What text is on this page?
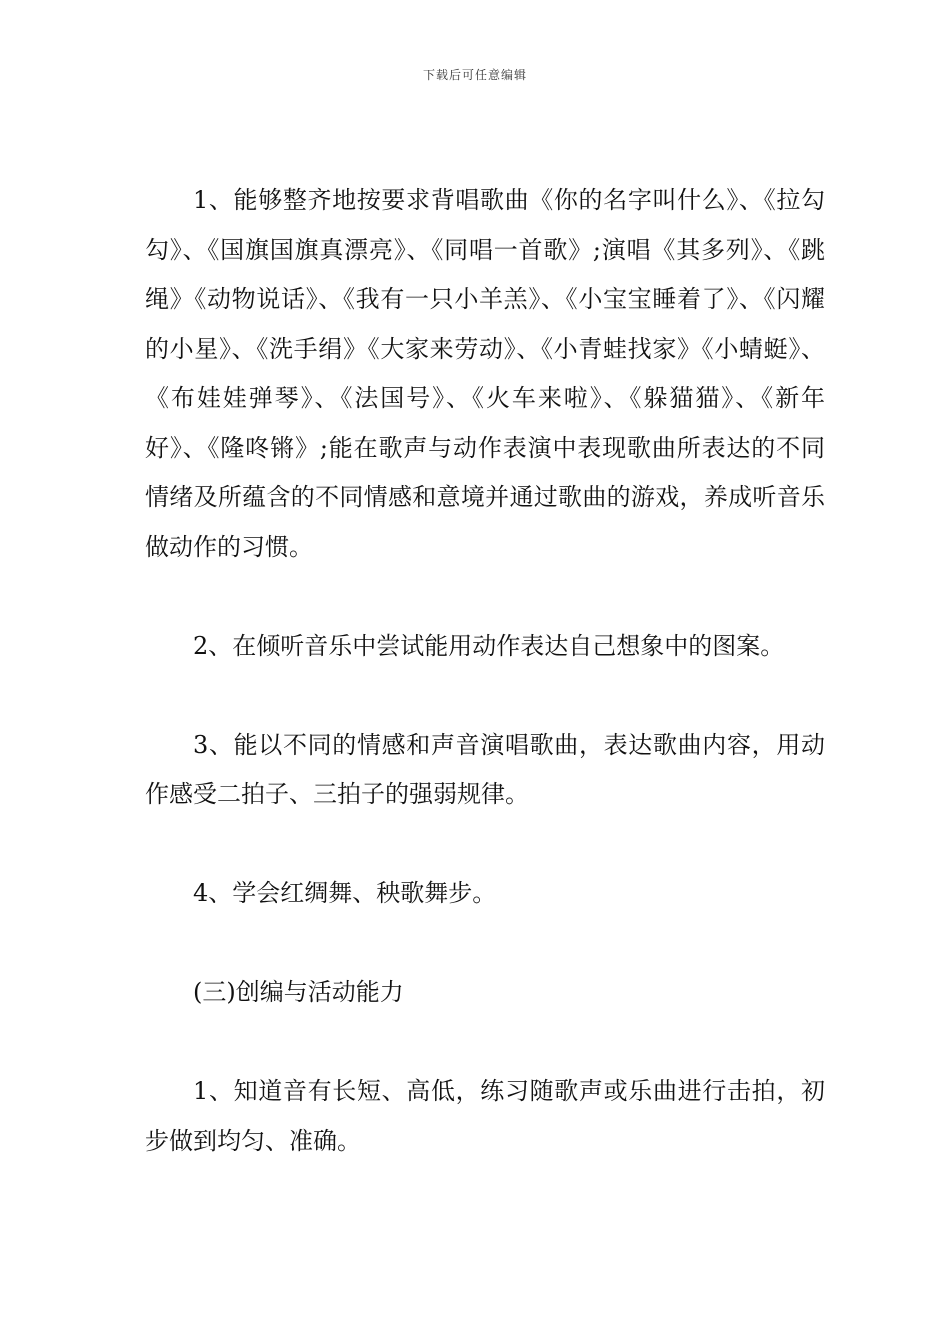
下载后可任意编辑

1、能够整齐地按要求背唱歌曲《你的名字叫什么》、《拉勾勾》、《国旗国旗真漂亮》、《同唱一首歌》;演唱《其多列》、《跳绳》《动物说话》、《我有一只小羊羔》、《小宝宝睡着了》、《闪耀的小星》、《洗手绢》《大家来劳动》、《小青蛙找家》《小蜻蜓》、《布娃娃弹琴》、《法国号》、《火车来啦》、《躲猫猫》、《新年好》、《隆咚锵》;能在歌声与动作表演中表现歌曲所表达的不同情绪及所蕴含的不同情感和意境并通过歌曲的游戏，养成听音乐做动作的习惯。

2、在倾听音乐中尝试能用动作表达自己想象中的图案。

3、能以不同的情感和声音演唱歌曲，表达歌曲内容，用动作感受二拍子、三拍子的强弱规律。

4、学会红绸舞、秧歌舞步。

(三)创编与活动能力

1、知道音有长短、高低，练习随歌声或乐曲进行击拍，初步做到均匀、准确。
